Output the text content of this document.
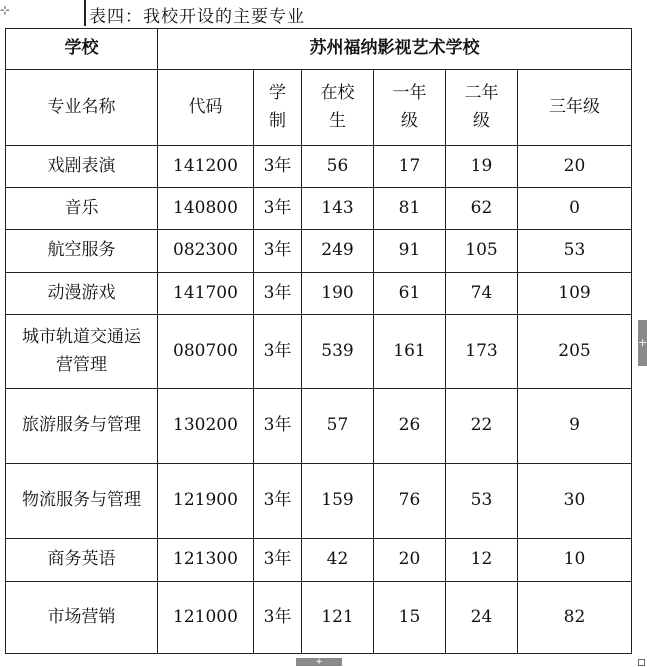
⊹	表四：我校开设的主要专业
学校	苏州福纳影视艺术学校					
专业名称	代码	学制	在校生	一年级	二年级	三年级
戏剧表演	141200	3年	56	17	19	20
音乐	140800	3年	143	81	62	0
航空服务	082300	3年	249	91	105	53
动漫游戏	141700	3年	190	61	74	109

城市轨道交通运营管理	080700	3年	539	161	173	205

旅游服务与管理	130200	3年	57	26	22	9

物流服务与管理	121900	3年	159	76	53	30
商务英语	121300	3年	42	20	12	10
市场营销	121000	3年	121	15	24	82
+
+
